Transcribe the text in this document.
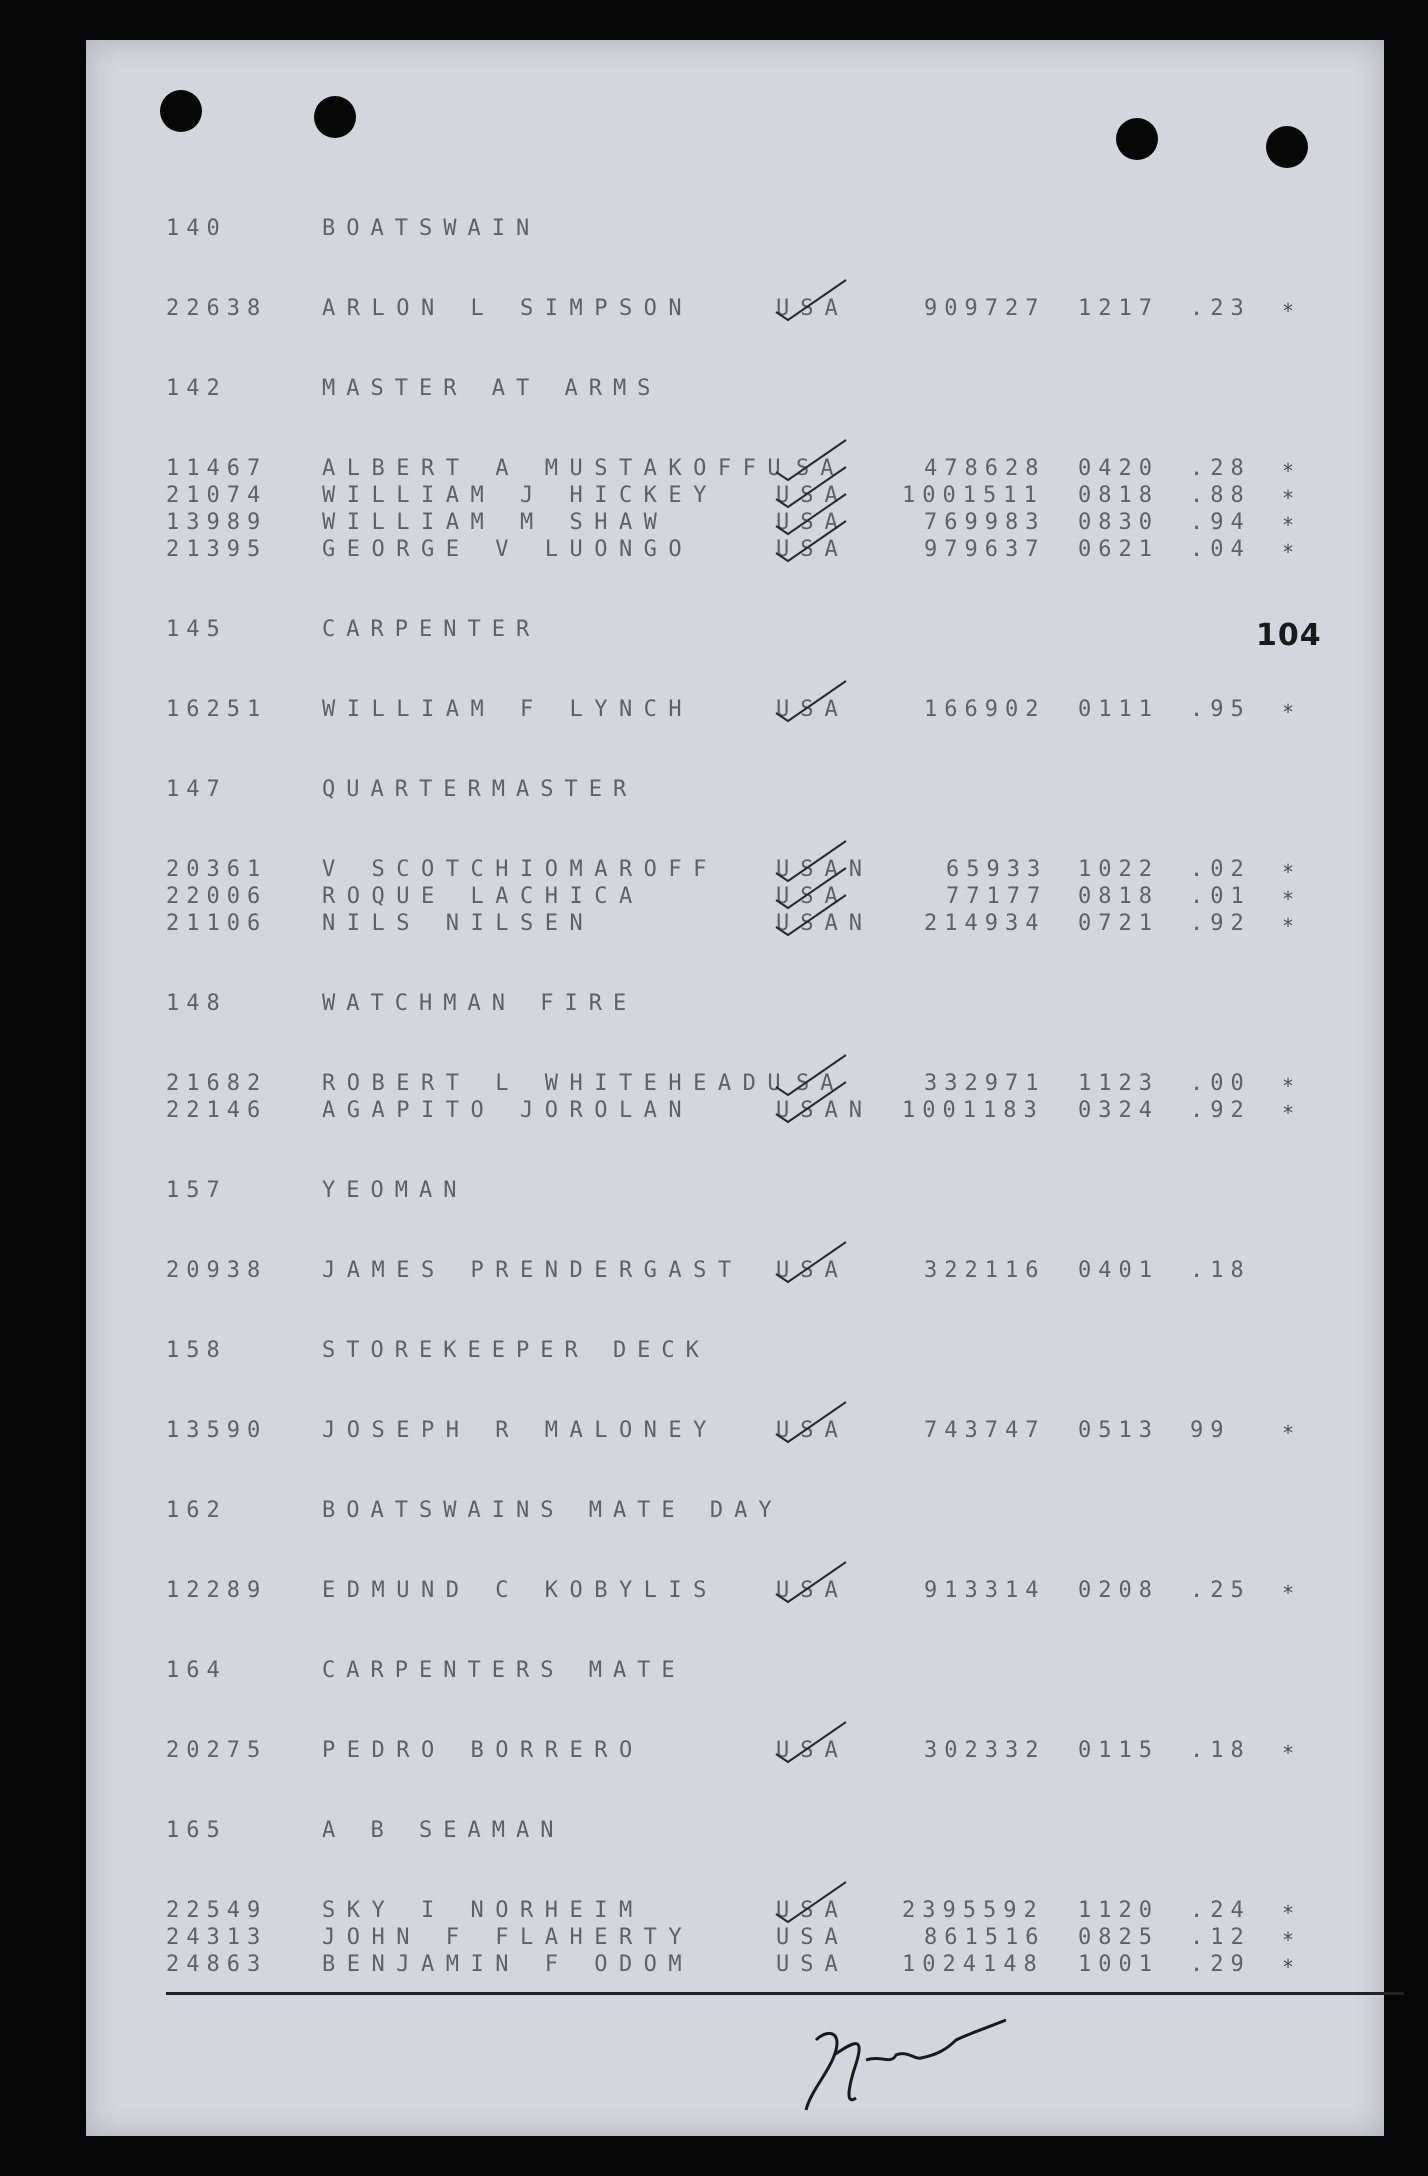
104
140	BOATSWAIN
22638 ARLON L SIMPSON	USA	909727 1217 .23 *
142	MASTER AT ARMS
11467 ALBERT A MUSTAKOFFU SA	478628 0420 .28 *
21074 WILLIAM J HICKEY	USA 1001511 0818 .88 *
13989 WILLIAM M SHAW	USA	769983 0830 .94 *
21395 GEORGE V LUONGO	USA	979637 0621 .04 *
145	CARPENTER
16251 WILLIAM F LYNCH	USA	166902 0111 .95 *
147	QUARTERMASTER
20361 V SCOTCHIOMAROFF	USAN	65933 1022 .02 *
22006 ROQUE LACHICA	USA	77177 0818 .01 *
21106 NILS NILSEN	USAN 214934 0721 .92 *
148	WATCHMAN FIRE
21682 ROBERT L WHITEHEADU SA	332971 1123 .00 *
22146 AGAPITO JOROLAN	USAN 1001183 0324 .92 *
157	YEOMAN
20938 JAMES PRENDERGAST USA	322116 0401 .18
158	STOREKEEPER DECK
13590 JOSEPH R MALONEY	USA	743747 0513 99	*
162	BOATSWAINS MATE DAY
12289 EDMUND C KOBYLIS	USA	913314 0208 .25 *
164	CARPENTERS MATE
20275 PEDRO BORRERO	USA	302332 0115 .18 *
165	A B SEAMAN
22549 SKY I NORHEIM	USA 2395592 1120 .24 *
24313 JOHN F FLAHERTY	USA	861516 0825 .12 *
24863 BENJAMIN F ODOM	USA 1024148 1001 .29 *
